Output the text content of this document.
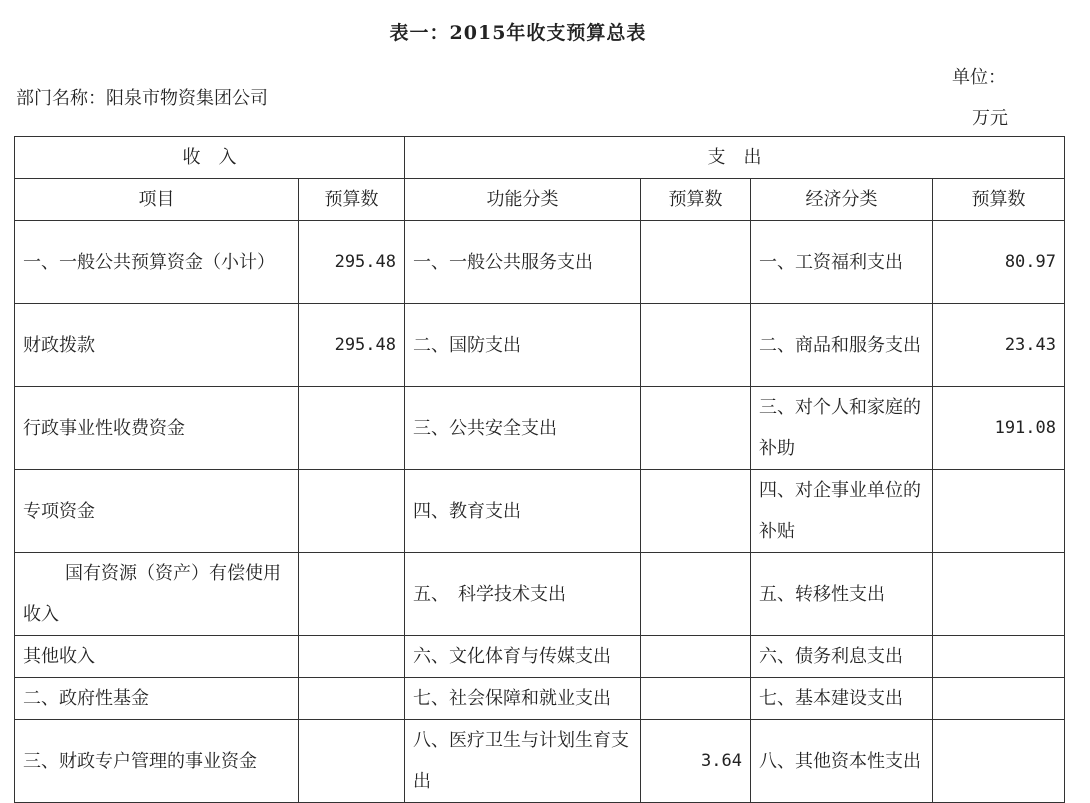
表一：2015年收支预算总表
部门名称：阳泉市物资集团公司
单位：
万元
收　入		支　出			
项目	预算数	功能分类	预算数	经济分类	预算数
一、一般公共预算资金（小计）	295.48	一、一般公共服务支出		一、工资福利支出	80.97
财政拨款	295.48	二、国防支出		二、商品和服务支出	23.43
行政事业性收费资金		三、公共安全支出		三、对个人和家庭的补助	191.08
专项资金		四、教育支出		四、对企事业单位的补贴	
国有资源（资产）有偿使用收入		五、　科学技术支出		五、转移性支出	
其他收入		六、文化体育与传媒支出		六、债务利息支出	
二、政府性基金		七、社会保障和就业支出		七、基本建设支出	
三、财政专户管理的事业资金		八、医疗卫生与计划生育支出	3.64	八、其他资本性支出	
